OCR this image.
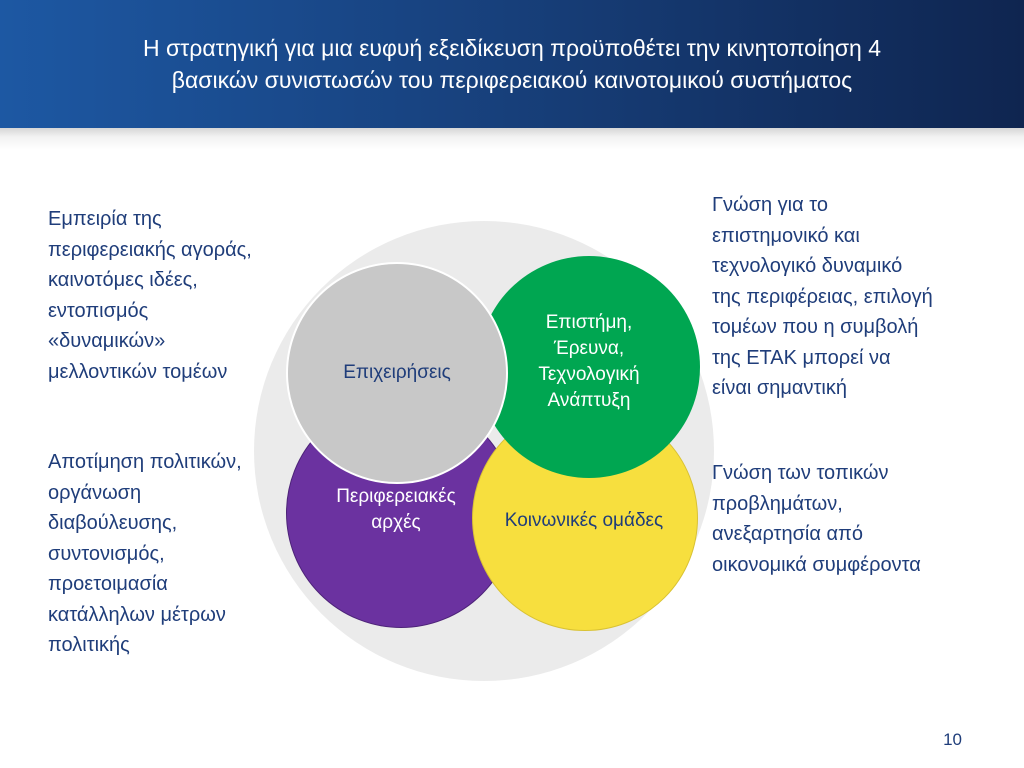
Η στρατηγική για μια ευφυή εξειδίκευση προϋποθέτει την κινητοποίηση 4
βασικών συνιστωσών του περιφερειακού καινοτομικού συστήματος
Επιχειρήσεις
Επιστήμη,
Έρευνα,
Τεχνολογική
Ανάπτυξη
Περιφερειακές
αρχές	Κοινωνικές ομάδες
Εμπειρία της
περιφερειακής αγοράς,
καινοτόμες ιδέες,
εντοπισμός
«δυναμικών»
μελλοντικών τομέων
Αποτίμηση πολιτικών,
οργάνωση
διαβούλευσης,
συντονισμός,
προετοιμασία
κατάλληλων μέτρων
πολιτικής
Γνώση για το
επιστημονικό και
τεχνολογικό δυναμικό
της περιφέρειας, επιλογή
τομέων που η συμβολή
της ΕΤΑΚ μπορεί να
είναι σημαντική
Γνώση των τοπικών
προβλημάτων,
ανεξαρτησία από
οικονομικά συμφέροντα
10
